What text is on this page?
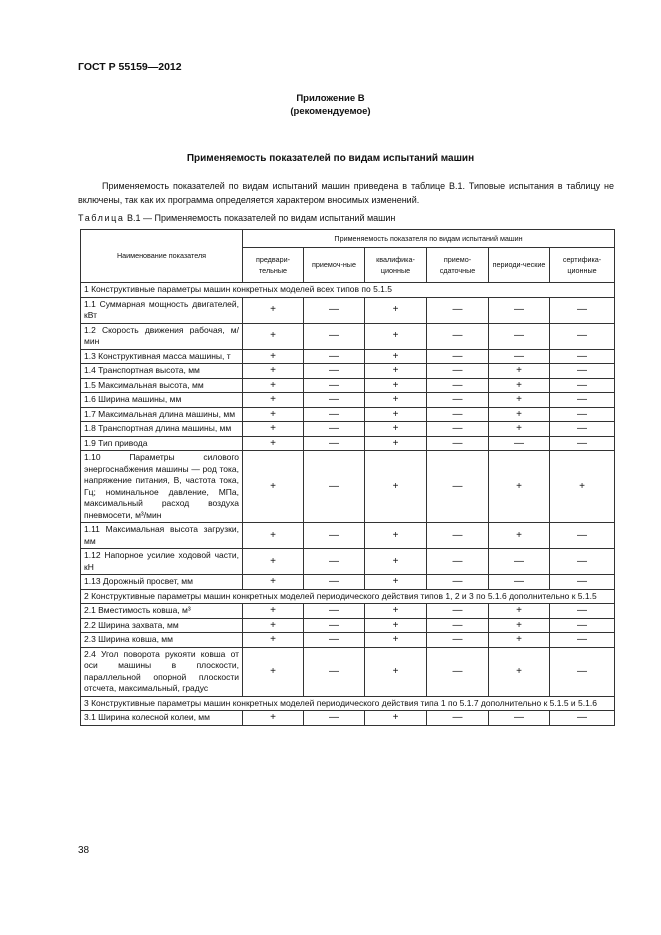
ГОСТ Р 55159—2012
Приложение В
(рекомендуемое)
Применяемость показателей по видам испытаний машин
Применяемость показателей по видам испытаний машин приведена в таблице В.1. Типовые испытания в таблицу не включены, так как их программа определяется характером вносимых изменений.
Таблица В.1 — Применяемость показателей по видам испытаний машин
Наименование показателя	Применяемость показателя по видам испытаний машин					
	предвари-тельные	приемоч-ные	квалифика-ционные	приемо-сдаточные	периоди-ческие	сертифика-ционные
1 Конструктивные параметры машин конкретных моделей всех типов по 5.1.5						
1.1 Суммарная мощность двигателей, кВт	+	—	+	—	—	—
1.2 Скорость движения рабочая, м/мин	+	—	+	—	—	—
1.3 Конструктивная масса машины, т	+	—	+	—	—	—
1.4 Транспортная высота, мм	+	—	+	—	+	—
1.5 Максимальная высота, мм	+	—	+	—	+	—
1.6 Ширина машины, мм	+	—	+	—	+	—
1.7 Максимальная длина машины, мм	+	—	+	—	+	—
1.8 Транспортная длина машины, мм	+	—	+	—	+	—
1.9 Тип привода	+	—	+	—	—	—
1.10 Параметры силового энергоснабжения машины — род тока, напряжение питания, В, частота тока, Гц; номинальное давление, МПа, максимальный расход воздуха пневмосети, м³/мин	+	—	+	—	+	+
1.11 Максимальная высота загрузки, мм	+	—	+	—	+	—
1.12 Напорное усилие ходовой части, кН	+	—	+	—	—	—
1.13 Дорожный просвет, мм	+	—	+	—	—	—
2 Конструктивные параметры машин конкретных моделей периодического действия типов 1, 2 и 3 по 5.1.6 дополнительно к 5.1.5						
2.1 Вместимость ковша, м³	+	—	+	—	+	—
2.2 Ширина захвата, мм	+	—	+	—	+	—
2.3 Ширина ковша, мм	+	—	+	—	+	—
2.4 Угол поворота рукояти ковша от оси машины в плоскости, параллельной опорной плоскости отсчета, максимальный, градус	+	—	+	—	+	—
3 Конструктивные параметры машин конкретных моделей периодического действия типа 1 по 5.1.7 дополнительно к 5.1.5 и 5.1.6						
3.1 Ширина колесной колеи, мм	+	—	+	—	—	—
38
